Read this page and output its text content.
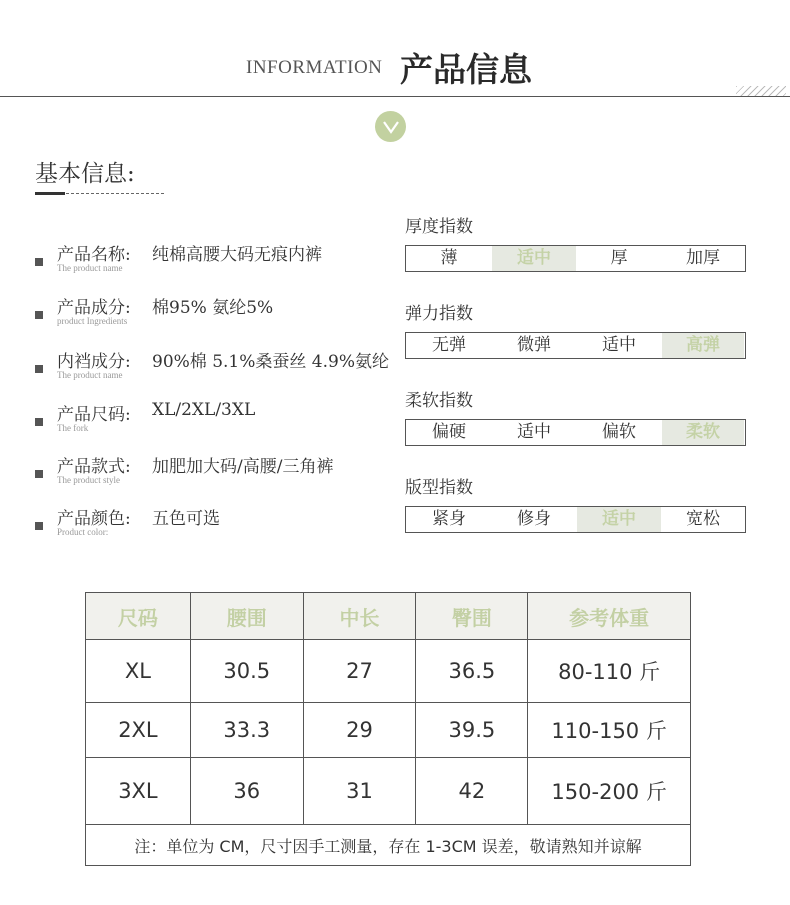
INFORMATION 产品信息
基本信息:
产品名称: 纯棉高腰大码无痕内裤
The product name
产品成分: 棉95% 氨纶5%
product Ingredients
内裆成分: 90%棉 5.1%桑蚕丝 4.9%氨纶
The product name
产品尺码: XL/2XL/3XL
The fork
产品款式: 加肥加大码/高腰/三角裤
The product style
产品颜色: 五色可选
Product color:
厚度指数
薄	适中	厚	加厚
弹力指数
无弹	微弹	适中	高弹
柔软指数
偏硬	适中	偏软	柔软
版型指数
紧身	修身	适中	宽松
尺码	腰围	中长	臀围	参考体重
XL	30.5	27	36.5	80-110 斤
2XL	33.3	29	39.5	110-150 斤
3XL	36	31	42	150-200 斤
注：单位为 CM，尺寸因手工测量，存在 1-3CM 误差，敬请熟知并谅解				
